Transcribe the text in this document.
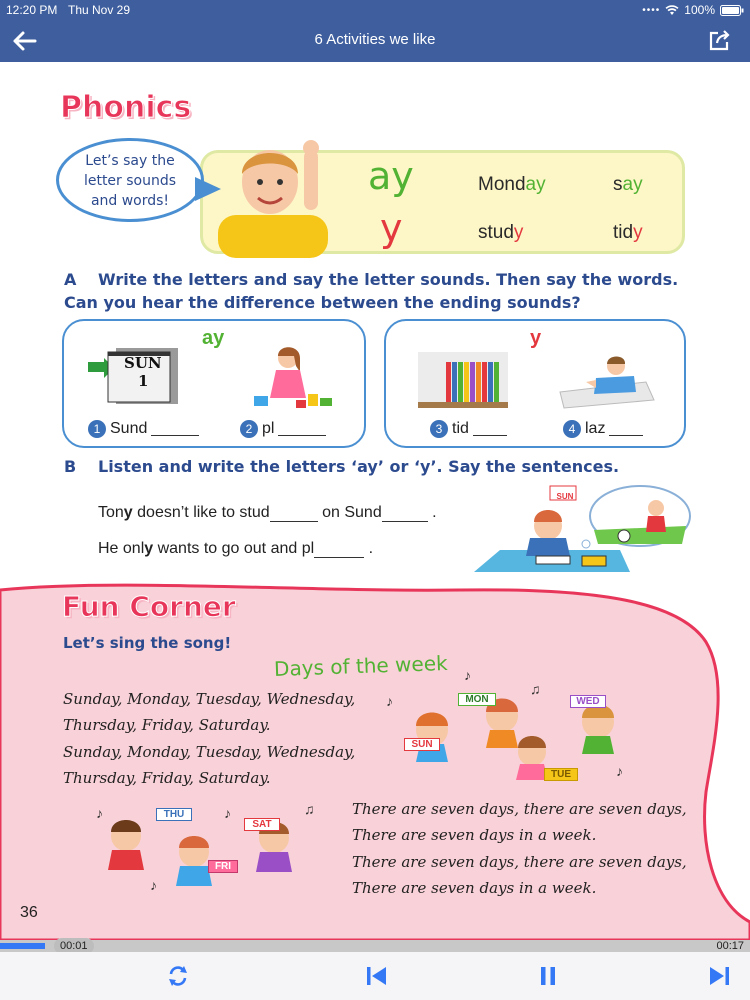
12:20 PM Thu Nov 29	•••• 100%
6 Activities we like
Phonics
Let’s say the
letter sounds
and words!
ay
y
Monday	say
study	tidy
A Write the letters and say the letter sounds. Then say the words. Can you hear the difference between the ending sounds?
ay	y
SUN
1
1 Sund	2 pl	3 tid	4 laz
B Listen and write the letters ‘ay’ or ‘y’. Say the sentences.
Tony doesn’t like to stud	on Sund	.
He only wants to go out and pl	.
SUN
Fun Corner
Let’s sing the song!
Days of the week
Sunday, Monday, Tuesday, Wednesday,
Thursday, Friday, Saturday.
Sunday, Monday, Tuesday, Wednesday,
Thursday, Friday, Saturday.
There are seven days, there are seven days,
There are seven days in a week.
There are seven days, there are seven days,
There are seven days in a week.
♪
♫
♪
♪
MON	WED
SUN
TUE
♪	♫
♪
♪
THU
SAT
FRI
36
00:01	00:17
